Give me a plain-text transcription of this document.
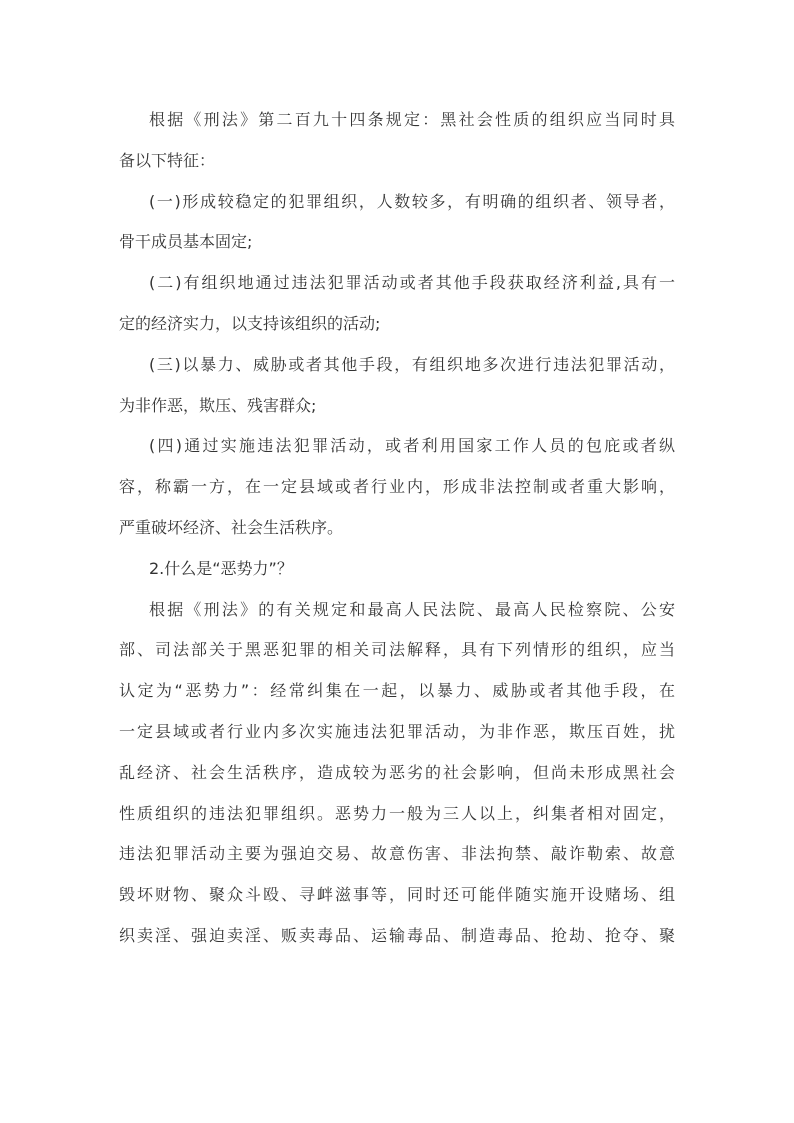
根据《刑法》第二百九十四条规定：黑社会性质的组织应当同时具
备以下特征：
(一)形成较稳定的犯罪组织，人数较多，有明确的组织者、领导者，
骨干成员基本固定;
(二)有组织地通过违法犯罪活动或者其他手段获取经济利益,具有一
定的经济实力，以支持该组织的活动;
(三)以暴力、威胁或者其他手段，有组织地多次进行违法犯罪活动，
为非作恶，欺压、残害群众;
(四)通过实施违法犯罪活动，或者利用国家工作人员的包庇或者纵
容，称霸一方，在一定县域或者行业内，形成非法控制或者重大影响，
严重破坏经济、社会生活秩序。
2.什么是“恶势力”？
根据《刑法》的有关规定和最高人民法院、最高人民检察院、公安
部、司法部关于黑恶犯罪的相关司法解释，具有下列情形的组织，应当
认定为“恶势力”：经常纠集在一起，以暴力、威胁或者其他手段，在
一定县域或者行业内多次实施违法犯罪活动，为非作恶，欺压百姓，扰
乱经济、社会生活秩序，造成较为恶劣的社会影响，但尚未形成黑社会
性质组织的违法犯罪组织。恶势力一般为三人以上，纠集者相对固定，
违法犯罪活动主要为强迫交易、故意伤害、非法拘禁、敲诈勒索、故意
毁坏财物、聚众斗殴、寻衅滋事等，同时还可能伴随实施开设赌场、组
织卖淫、强迫卖淫、贩卖毒品、运输毒品、制造毒品、抢劫、抢夺、聚
